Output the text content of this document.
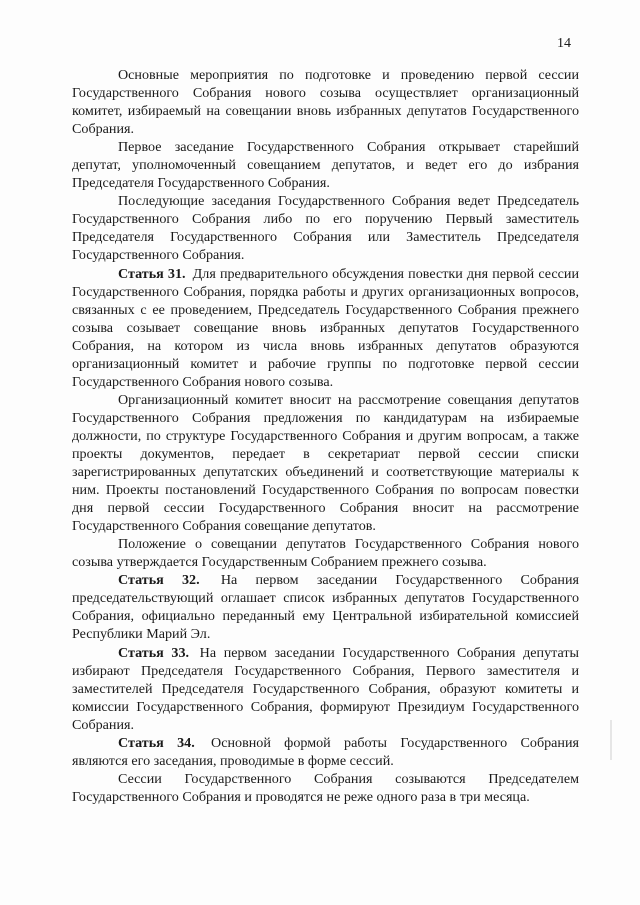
14

Основные мероприятия по подготовке и проведению первой сессии Государственного Собрания нового созыва осуществляет организационный комитет, избираемый на совещании вновь избранных депутатов Государственного Собрания.

Первое заседание Государственного Собрания открывает старейший депутат, уполномоченный совещанием депутатов, и ведет его до избрания Председателя Государственного Собрания.

Последующие заседания Государственного Собрания ведет Председатель Государственного Собрания либо по его поручению Первый заместитель Председателя Государственного Собрания или Заместитель Председателя Государственного Собрания.

Статья 31. Для предварительного обсуждения повестки дня первой сессии Государственного Собрания, порядка работы и других организационных вопросов, связанных с ее проведением, Председатель Государственного Собрания прежнего созыва созывает совещание вновь избранных депутатов Государственного Собрания, на котором из числа вновь избранных депутатов образуются организационный комитет и рабочие группы по подготовке первой сессии Государственного Собрания нового созыва.

Организационный комитет вносит на рассмотрение совещания депутатов Государственного Собрания предложения по кандидатурам на избираемые должности, по структуре Государственного Собрания и другим вопросам, а также проекты документов, передает в секретариат первой сессии списки зарегистрированных депутатских объединений и соответствующие материалы к ним. Проекты постановлений Государственного Собрания по вопросам повестки дня первой сессии Государственного Собрания вносит на рассмотрение Государственного Собрания совещание депутатов.

Положение о совещании депутатов Государственного Собрания нового созыва утверждается Государственным Собранием прежнего созыва.

Статья 32. На первом заседании Государственного Собрания председательствующий оглашает список избранных депутатов Государственного Собрания, официально переданный ему Центральной избирательной комиссией Республики Марий Эл.

Статья 33. На первом заседании Государственного Собрания депутаты избирают Председателя Государственного Собрания, Первого заместителя и заместителей Председателя Государственного Собрания, образуют комитеты и комиссии Государственного Собрания, формируют Президиум Государственного Собрания.

Статья 34. Основной формой работы Государственного Собрания являются его заседания, проводимые в форме сессий.

Сессии Государственного Собрания созываются Председателем Государственного Собрания и проводятся не реже одного раза в три месяца.
